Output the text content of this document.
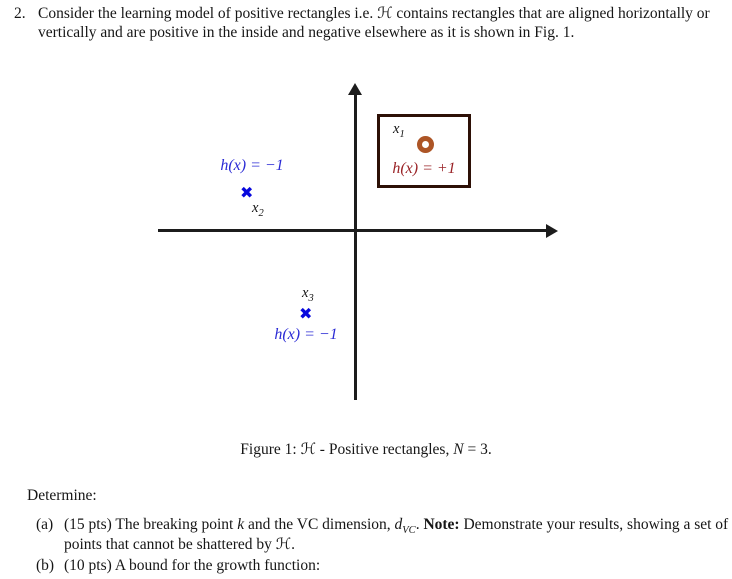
2. Consider the learning model of positive rectangles i.e. ℋ contains rectangles that are aligned horizontally or vertically and are positive in the inside and negative elsewhere as it is shown in Fig. 1.
$x_1$
h(x) = +1
h(x) = −1
✖
$x_2$
$x_3$
✖
h(x) = −1
Figure 1: ℋ - Positive rectangles, N = 3.
Determine:
(a) (15 pts) The breaking point k and the VC dimension, $d_{VC}$. Note: Demonstrate your results, showing a set of points that cannot be shattered by ℋ.
(b) (10 pts) A bound for the growth function:
